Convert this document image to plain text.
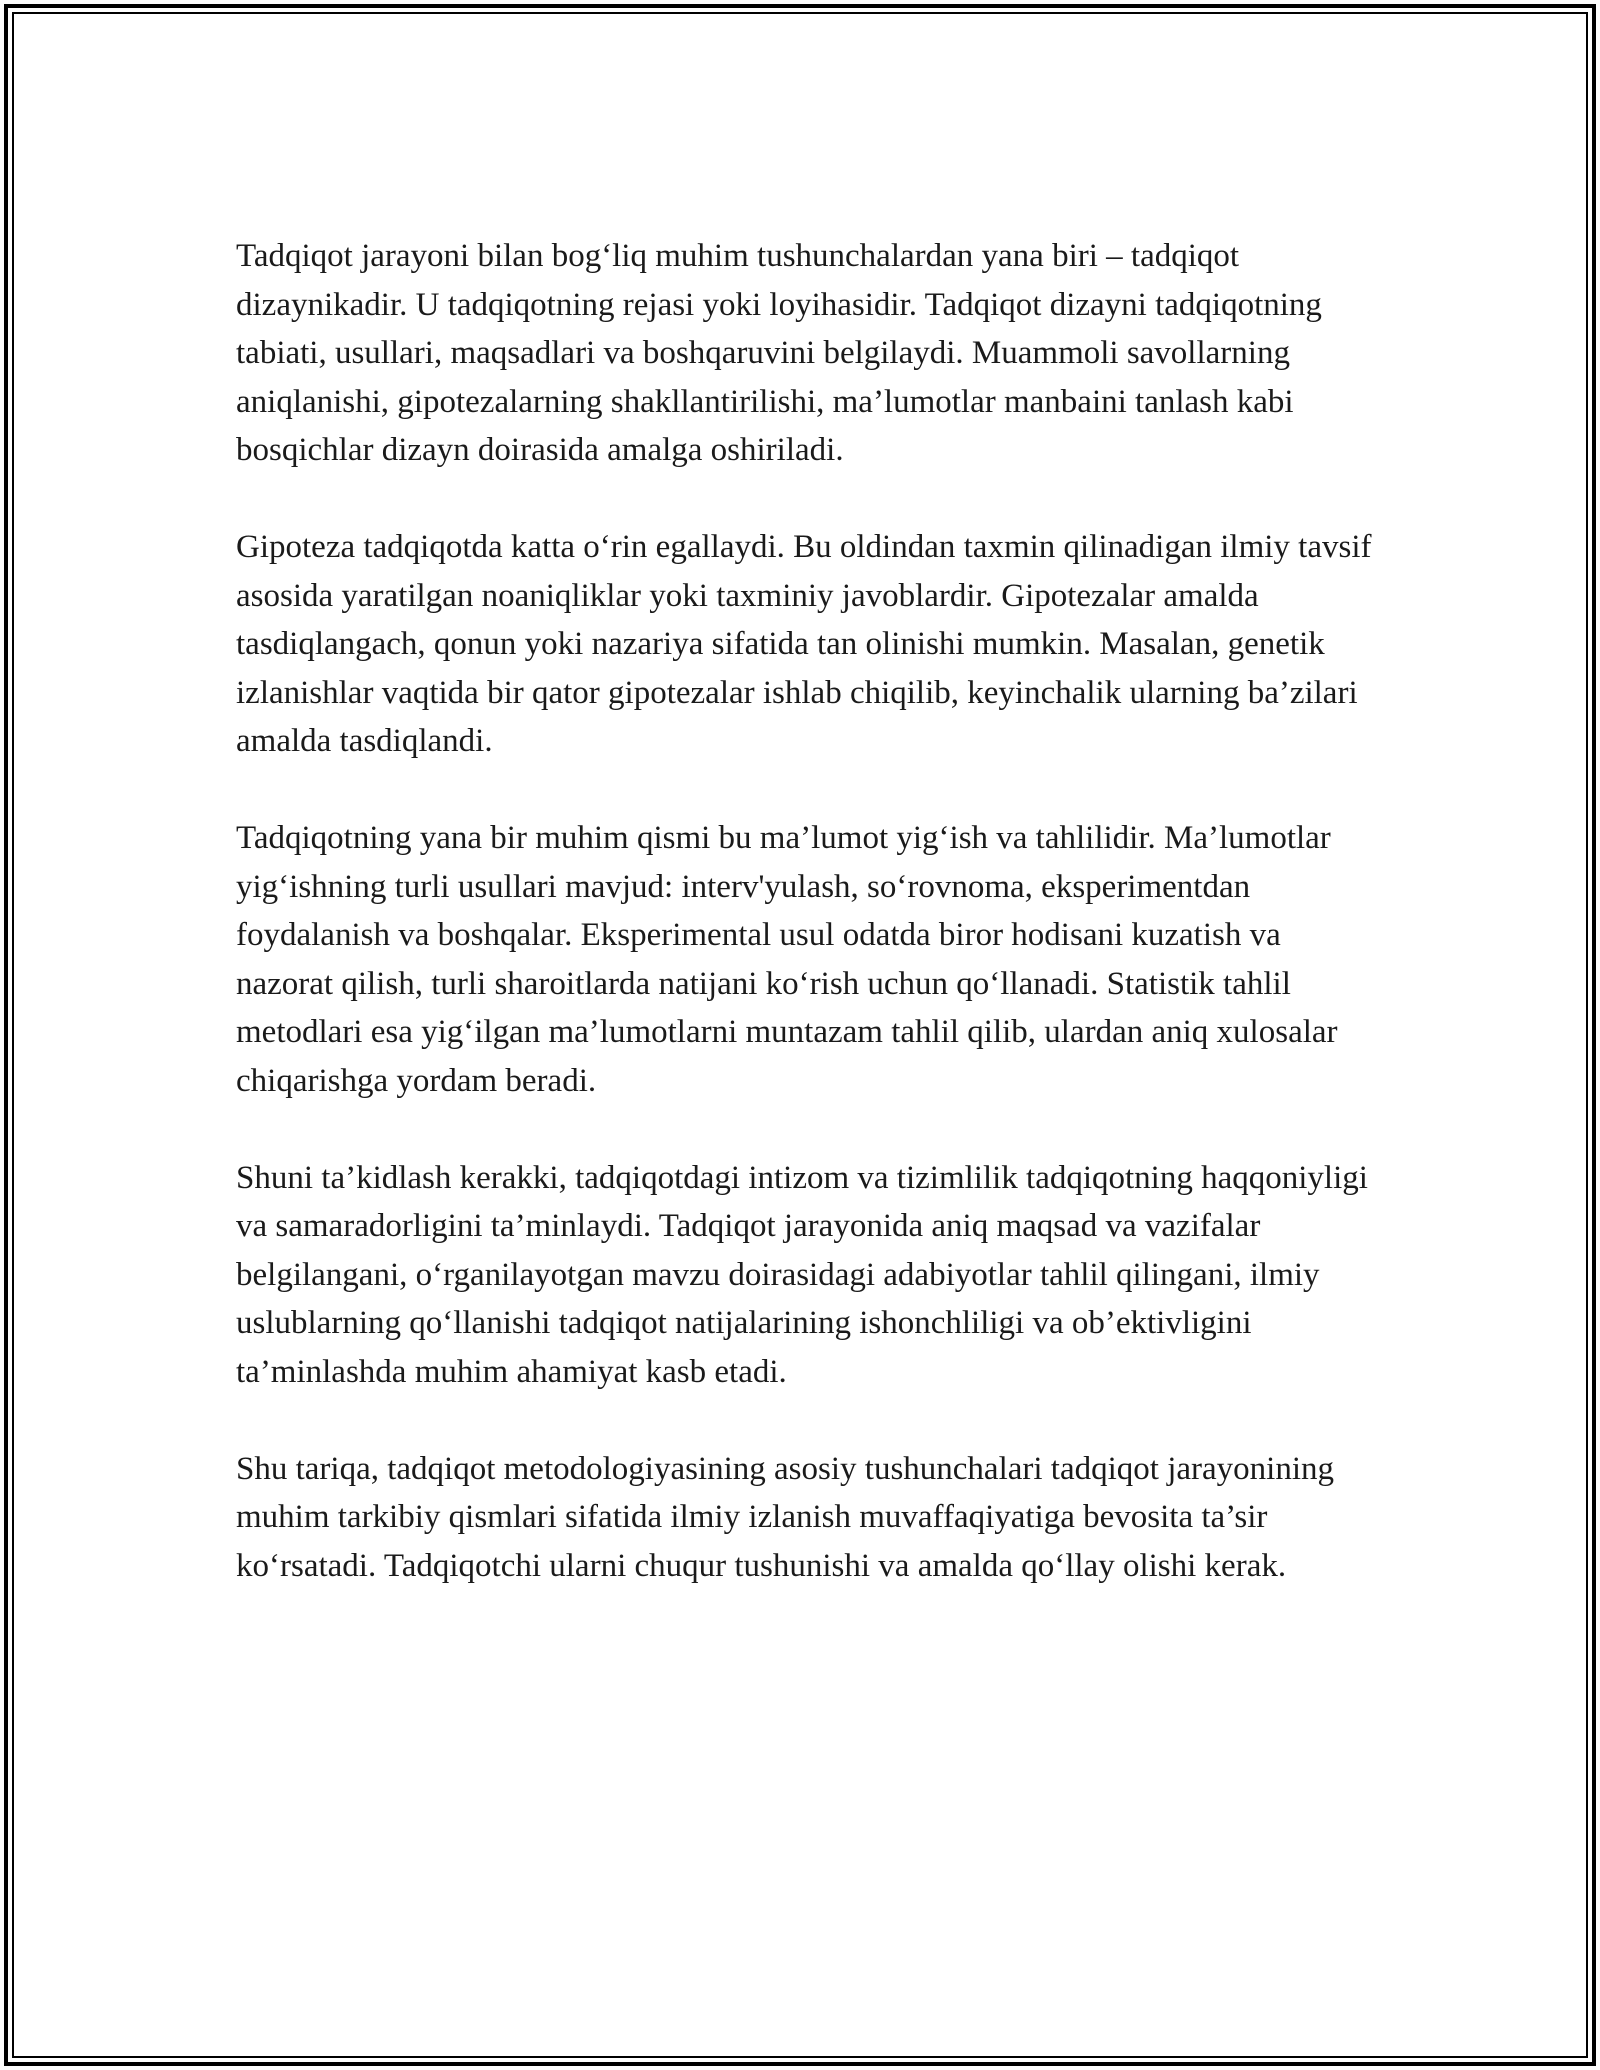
Tadqiqot jarayoni bilan bog‘liq muhim tushunchalardan yana biri – tadqiqot dizaynikadir. U tadqiqotning rejasi yoki loyihasidir. Tadqiqot dizayni tadqiqotning tabiati, usullari, maqsadlari va boshqaruvini belgilaydi. Muammoli savollarning aniqlanishi, gipotezalarning shakllantirilishi, ma’lumotlar manbaini tanlash kabi bosqichlar dizayn doirasida amalga oshiriladi.

Gipoteza tadqiqotda katta o‘rin egallaydi. Bu oldindan taxmin qilinadigan ilmiy tavsif asosida yaratilgan noaniqliklar yoki taxminiy javoblardir. Gipotezalar amalda tasdiqlangach, qonun yoki nazariya sifatida tan olinishi mumkin. Masalan, genetik izlanishlar vaqtida bir qator gipotezalar ishlab chiqilib, keyinchalik ularning ba’zilari amalda tasdiqlandi.

Tadqiqotning yana bir muhim qismi bu ma’lumot yig‘ish va tahlilidir. Ma’lumotlar yig‘ishning turli usullari mavjud: interv'yulash, so‘rovnoma, eksperimentdan foydalanish va boshqalar. Eksperimental usul odatda biror hodisani kuzatish va nazorat qilish, turli sharoitlarda natijani ko‘rish uchun qo‘llanadi. Statistik tahlil metodlari esa yig‘ilgan ma’lumotlarni muntazam tahlil qilib, ulardan aniq xulosalar chiqarishga yordam beradi.

Shuni ta’kidlash kerakki, tadqiqotdagi intizom va tizimlilik tadqiqotning haqqoniyligi va samaradorligini ta’minlaydi. Tadqiqot jarayonida aniq maqsad va vazifalar belgilangani, o‘rganilayotgan mavzu doirasidagi adabiyotlar tahlil qilingani, ilmiy uslublarning qo‘llanishi tadqiqot natijalarining ishonchliligi va ob’ektivligini ta’minlashda muhim ahamiyat kasb etadi.

Shu tariqa, tadqiqot metodologiyasining asosiy tushunchalari tadqiqot jarayonining muhim tarkibiy qismlari sifatida ilmiy izlanish muvaffaqiyatiga bevosita ta’sir ko‘rsatadi. Tadqiqotchi ularni chuqur tushunishi va amalda qo‘llay olishi kerak.
